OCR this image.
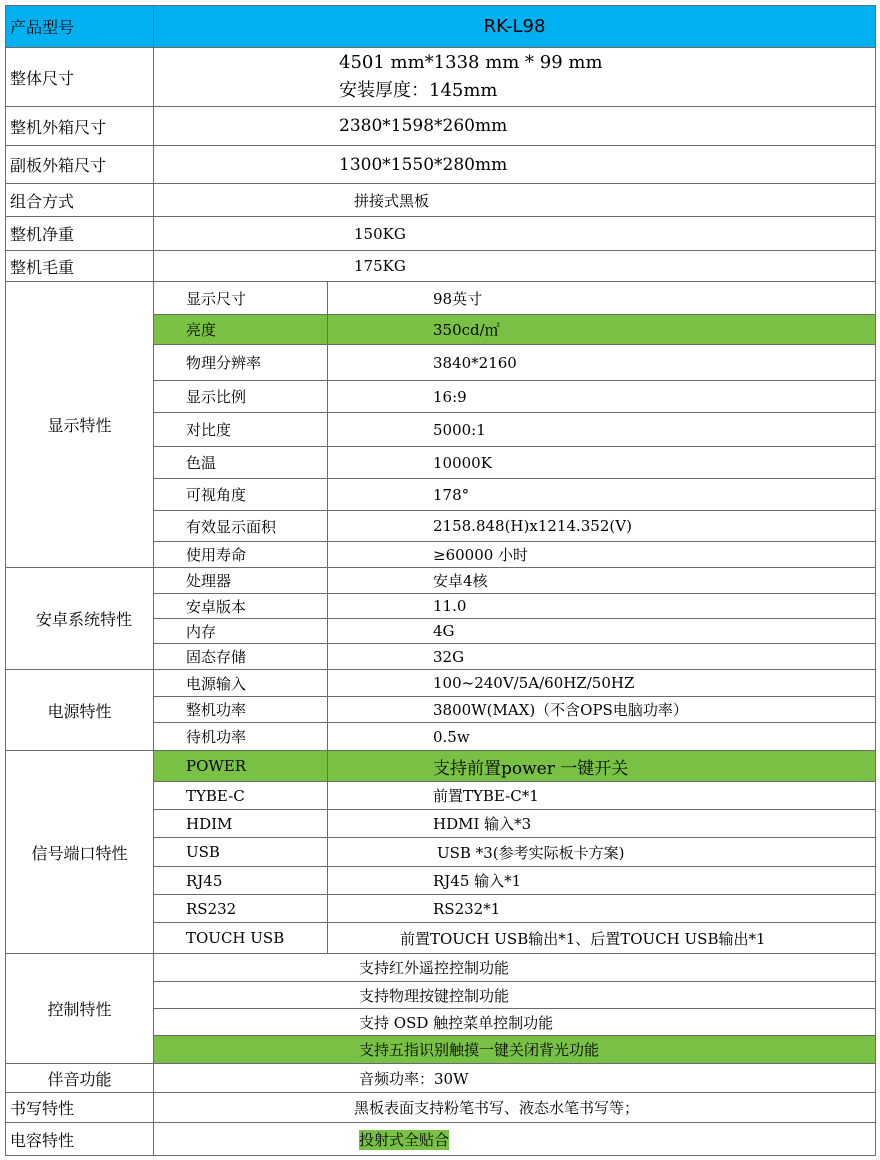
产品型号	RK-L98	
整体尺寸	4501 mm*1338 mm * 99 mm
安装厚度：145mm	

整机外箱尺寸	2380*1598*260mm	
副板外箱尺寸	1300*1550*280mm	
组合方式	拼接式黑板	
整机净重	150KG	
整机毛重	175KG	
显示特性	显示尺寸	98英寸
	亮度	350cd/㎡
	物理分辨率	3840*2160
	显示比例	16:9
	对比度	5000:1
	色温	10000K
	可视角度	178°
	有效显示面积	2158.848(H)x1214.352(V)
	使用寿命	≥60000 小时
安卓系统特性	处理器	安卓4核
	安卓版本	11.0
	内存	4G
	固态存储	32G
电源特性	电源输入	100~240V/5A/60HZ/50HZ
	整机功率	3800W(MAX)（不含OPS电脑功率）
	待机功率	0.5w
信号端口特性	POWER	支持前置power 一键开关
	TYBE-C	前置TYBE-C*1
	HDIM	HDMI 输入*3
	USB	USB *3(参考实际板卡方案)
	RJ45	RJ45 输入*1
	RS232	RS232*1
	TOUCH USB	前置TOUCH USB输出*1、后置TOUCH USB输出*1
控制特性	支持红外遥控控制功能	
	支持物理按键控制功能	
	支持 OSD 触控菜单控制功能	
	支持五指识别触摸一键关闭背光功能	
伴音功能	音频功率：30W	
书写特性	黑板表面支持粉笔书写、液态水笔书写等；	
电容特性	投射式全贴合	
